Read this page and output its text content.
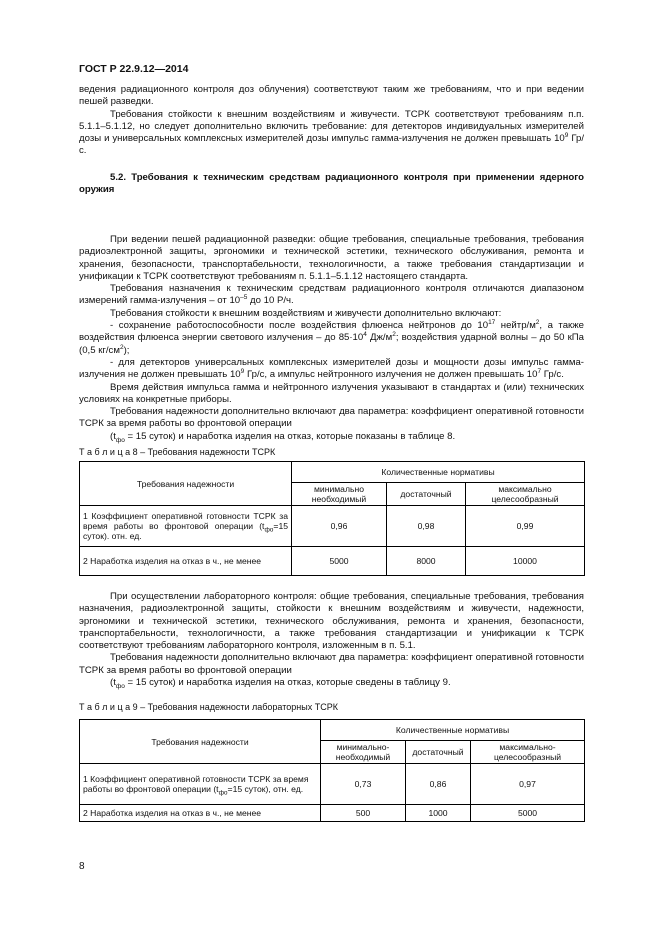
ГОСТ Р 22.9.12—2014

ведения радиационного контроля доз облучения) соответствуют таким же требованиям, что и при ведении пешей разведки.

Требования стойкости к внешним воздействиям и живучести. ТСРК соответствуют требованиям п.п. 5.1.1–5.1.12, но следует дополнительно включить требование: для детекторов индивидуальных измерителей дозы и универсальных комплексных измерителей дозы импульс гамма-излучения не должен превышать $10^9$ Гр/с.

5.2. Требования к техническим средствам радиационного контроля при применении ядерного оружия

При ведении пешей радиационной разведки: общие требования, специальные требования, требования радиоэлектронной защиты, эргономики и технической эстетики, технического обслуживания, ремонта и хранения, безопасности, транспортабельности, технологичности, а также требования стандартизации и унификации к ТСРК соответствуют требованиям п. 5.1.1–5.1.12 настоящего стандарта.

Требования назначения к техническим средствам радиационного контроля отличаются диапазоном измерений гамма-излучения – от $10^{-5}$ до 10 Р/ч.

Требования стойкости к внешним воздействиям и живучести дополнительно включают:

- сохранение работоспособности после воздействия флюенса нейтронов до $10^{17}$ нейтр/$м^2$, а также воздействия флюенса энергии светового излучения – до $85\cdot 10^4$ $Дж/м^2$; воздействия ударной волны – до 50 кПа (0,5 $кг/см^2$);

- для детекторов универсальных комплексных измерителей дозы и мощности дозы импульс гамма-излучения не должен превышать $10^9$ Гр/с, а импульс нейтронного излучения не должен превышать $10^7$ Гр/с.

Время действия импульса гамма и нейтронного излучения указывают в стандартах и (или) технических условиях на конкретные приборы.

Требования надежности дополнительно включают два параметра: коэффициент оперативной готовности ТСРК за время работы во фронтовой операции

($t_{фо} = 15$ суток) и наработка изделия на отказ, которые показаны в таблице 8.

Т а б л и ц а 8 – Требования надежности ТСРК
Требования надежности	Количественные нормативы		
	минимально необходимый	достаточный	максимально целесообразный
1 Коэффициент оперативной готовности ТСРК за время работы во фронтовой операции ($t_{фо}=15$ суток). отн. ед.	0,96	0,98	0,99
2 Наработка изделия на отказ в ч., не менее	5000	8000	10000

При осуществлении лабораторного контроля: общие требования, специальные требования, требования назначения, радиоэлектронной защиты, стойкости к внешним воздействиям и живучести, надежности, эргономики и технической эстетики, технического обслуживания, ремонта и хранения, безопасности, транспортабельности, технологичности, а также требования стандартизации и унификации к ТСРК соответствуют требованиям лабораторного контроля, изложенным в п. 5.1.

Требования надежности дополнительно включают два параметра: коэффициент оперативной готовности ТСРК за время работы во фронтовой операции

($t_{фо} = 15$ суток) и наработка изделия на отказ, которые сведены в таблицу 9.

Т а б л и ц а 9 – Требования надежности лабораторных ТСРК
Требования надежности	Количественные нормативы		
	минимально-необходимый	достаточный	максимально-целесообразный
1 Коэффициент оперативной готовности ТСРК за время работы во фронтовой операции ($t_{фо}=15$ суток), отн. ед.	0,73	0,86	0,97
2 Наработка изделия на отказ в ч., не менее	500	1000	5000
8
